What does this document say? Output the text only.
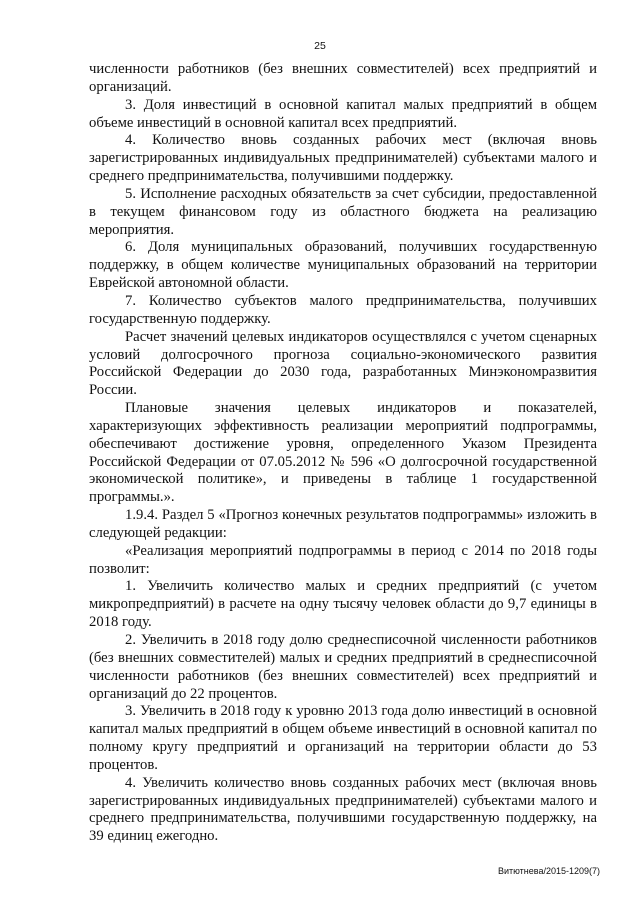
25

численности работников (без внешних совместителей) всех предприятий и организаций.

3. Доля инвестиций в основной капитал малых предприятий в общем объеме инвестиций в основной капитал всех предприятий.

4. Количество вновь созданных рабочих мест (включая вновь зарегистрированных индивидуальных предпринимателей) субъектами малого и среднего предпринимательства, получившими поддержку.

5. Исполнение расходных обязательств за счет субсидии, предоставленной в текущем финансовом году из областного бюджета на реализацию мероприятия.

6. Доля муниципальных образований, получивших государственную поддержку, в общем количестве муниципальных образований на территории Еврейской автономной области.

7. Количество субъектов малого предпринимательства, получивших государственную поддержку.

Расчет значений целевых индикаторов осуществлялся с учетом сценарных условий долгосрочного прогноза социально-экономического развития Российской Федерации до 2030 года, разработанных Минэкономразвития России.

Плановые значения целевых индикаторов и показателей, характеризующих эффективность реализации мероприятий подпрограммы, обеспечивают достижение уровня, определенного Указом Президента Российской Федерации от 07.05.2012 № 596 «О долгосрочной государственной экономической политике», и приведены в таблице 1 государственной программы.».

1.9.4. Раздел 5 «Прогноз конечных результатов подпрограммы» изложить в следующей редакции:

«Реализация мероприятий подпрограммы в период с 2014 по 2018 годы позволит:

1. Увеличить количество малых и средних предприятий (с учетом микропредприятий) в расчете на одну тысячу человек области до 9,7 единицы в 2018 году.

2. Увеличить в 2018 году долю среднесписочной численности работников (без внешних совместителей) малых и средних предприятий в среднесписочной численности работников (без внешних совместителей) всех предприятий и организаций до 22 процентов.

3. Увеличить в 2018 году к уровню 2013 года долю инвестиций в основной капитал малых предприятий в общем объеме инвестиций в основной капитал по полному кругу предприятий и организаций на территории области до 53 процентов.

4. Увеличить количество вновь созданных рабочих мест (включая вновь зарегистрированных индивидуальных предпринимателей) субъектами малого и среднего предпринимательства, получившими государственную поддержку, на 39 единиц ежегодно.

Витютнева/2015-1209(7)
